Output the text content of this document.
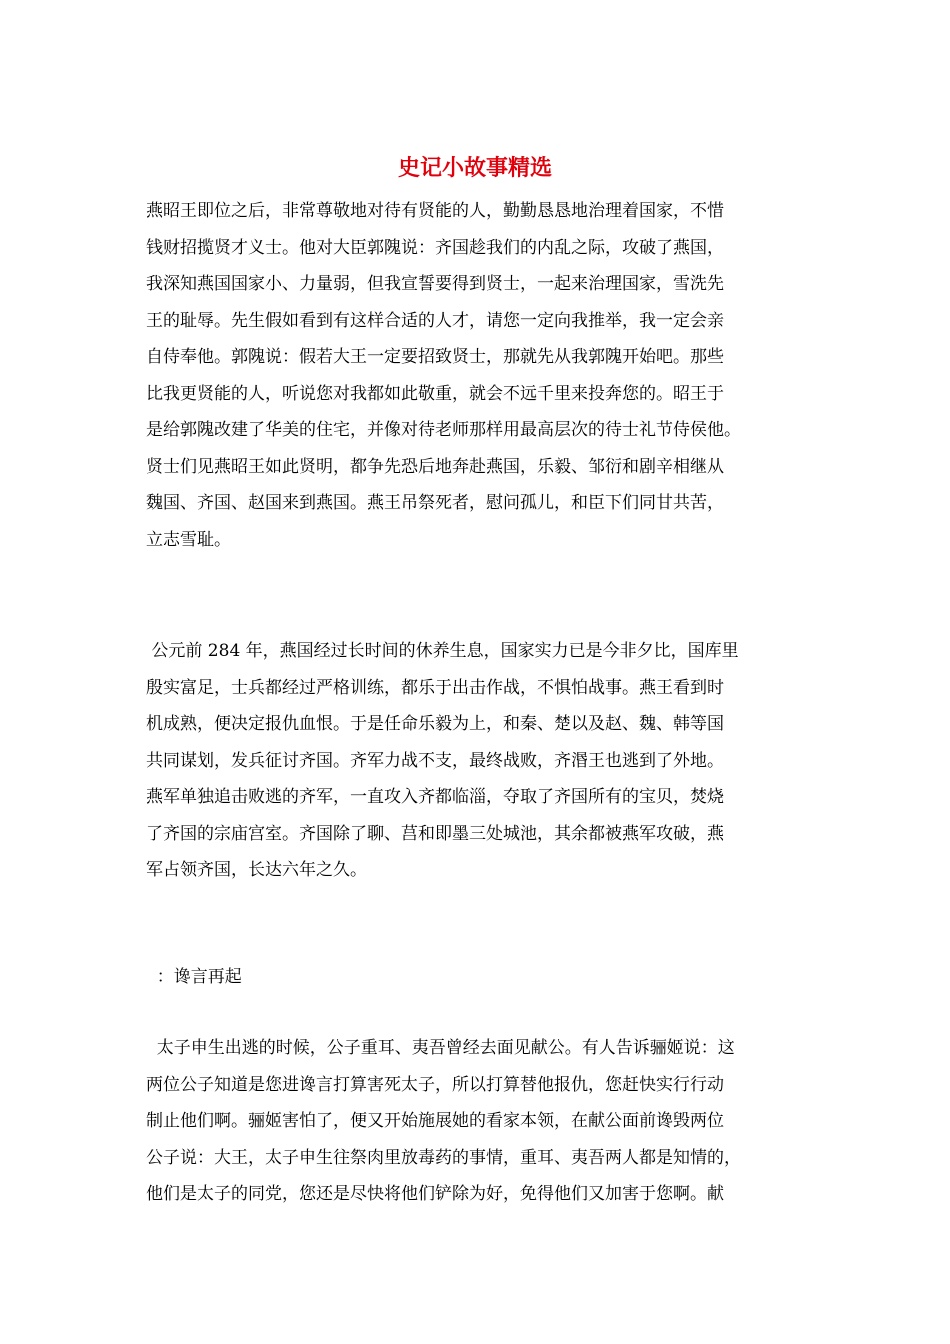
史记小故事精选

燕昭王即位之后，非常尊敬地对待有贤能的人，勤勤恳恳地治理着国家，不惜
钱财招揽贤才义士。他对大臣郭隗说：齐国趁我们的内乱之际，攻破了燕国，
我深知燕国国家小、力量弱，但我宣誓要得到贤士，一起来治理国家，雪洗先
王的耻辱。先生假如看到有这样合适的人才，请您一定向我推举，我一定会亲
自侍奉他。郭隗说：假若大王一定要招致贤士，那就先从我郭隗开始吧。那些
比我更贤能的人，听说您对我都如此敬重，就会不远千里来投奔您的。昭王于
是给郭隗改建了华美的住宅，并像对待老师那样用最高层次的待士礼节侍侯他。
贤士们见燕昭王如此贤明，都争先恐后地奔赴燕国，乐毅、邹衍和剧辛相继从
魏国、齐国、赵国来到燕国。燕王吊祭死者，慰问孤儿，和臣下们同甘共苦，
立志雪耻。

公元前 284 年，燕国经过长时间的休养生息，国家实力已是今非夕比，国库里
殷实富足，士兵都经过严格训练，都乐于出击作战，不惧怕战事。燕王看到时
机成熟，便决定报仇血恨。于是任命乐毅为上，和秦、楚以及赵、魏、韩等国
共同谋划，发兵征讨齐国。齐军力战不支，最终战败，齐湣王也逃到了外地。
燕军单独追击败逃的齐军，一直攻入齐都临淄，夺取了齐国所有的宝贝，焚烧
了齐国的宗庙宫室。齐国除了聊、莒和即墨三处城池，其余都被燕军攻破，燕
军占领齐国，长达六年之久。

：谗言再起

太子申生出逃的时候，公子重耳、夷吾曾经去面见献公。有人告诉骊姬说：这
两位公子知道是您进谗言打算害死太子，所以打算替他报仇，您赶快实行行动
制止他们啊。骊姬害怕了，便又开始施展她的看家本领，在献公面前谗毁两位
公子说：大王，太子申生往祭肉里放毒药的事情，重耳、夷吾两人都是知情的，
他们是太子的同党，您还是尽快将他们铲除为好，免得他们又加害于您啊。献
